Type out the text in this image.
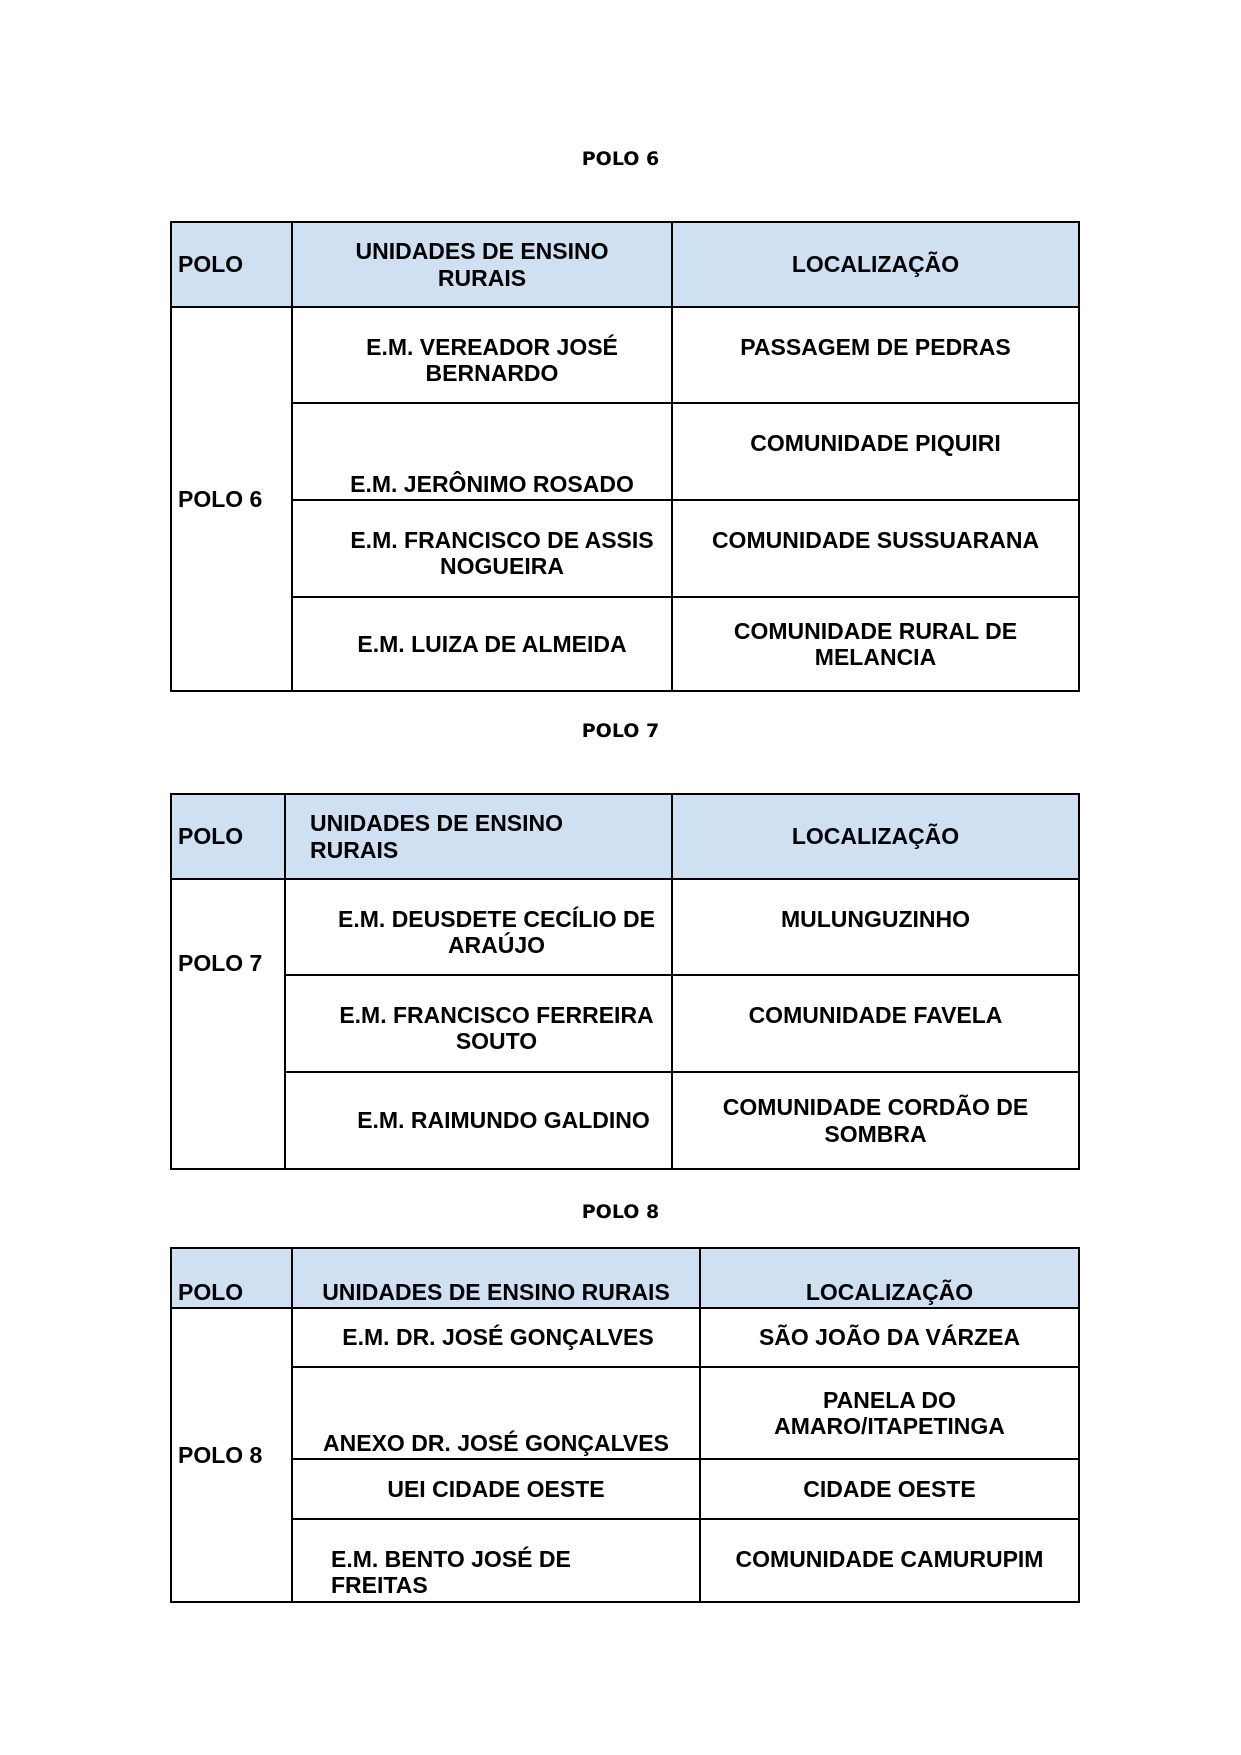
POLO 6
POLO	UNIDADES DE ENSINO RURAIS	LOCALIZAÇÃO
POLO 6	E.M. VEREADOR JOSÉ BERNARDO	PASSAGEM DE PEDRAS
	E.M. JERÔNIMO ROSADO	COMUNIDADE PIQUIRI
	E.M. FRANCISCO DE ASSIS NOGUEIRA	COMUNIDADE SUSSUARANA
	E.M. LUIZA DE ALMEIDA	COMUNIDADE RURAL DE MELANCIA
POLO 7
POLO	UNIDADES DE ENSINO RURAIS	LOCALIZAÇÃO
POLO 7	E.M. DEUSDETE CECÍLIO DE ARAÚJO	MULUNGUZINHO
	E.M. FRANCISCO FERREIRA SOUTO	COMUNIDADE FAVELA
	E.M. RAIMUNDO GALDINO	COMUNIDADE CORDÃO DE SOMBRA
POLO 8
POLO	UNIDADES DE ENSINO RURAIS	LOCALIZAÇÃO
POLO 8	E.M. DR. JOSÉ GONÇALVES	SÃO JOÃO DA VÁRZEA
	ANEXO DR. JOSÉ GONÇALVES	PANELA DO AMARO/ITAPETINGA
	UEI CIDADE OESTE	CIDADE OESTE
	E.M. BENTO JOSÉ DE FREITAS	COMUNIDADE CAMURUPIM
